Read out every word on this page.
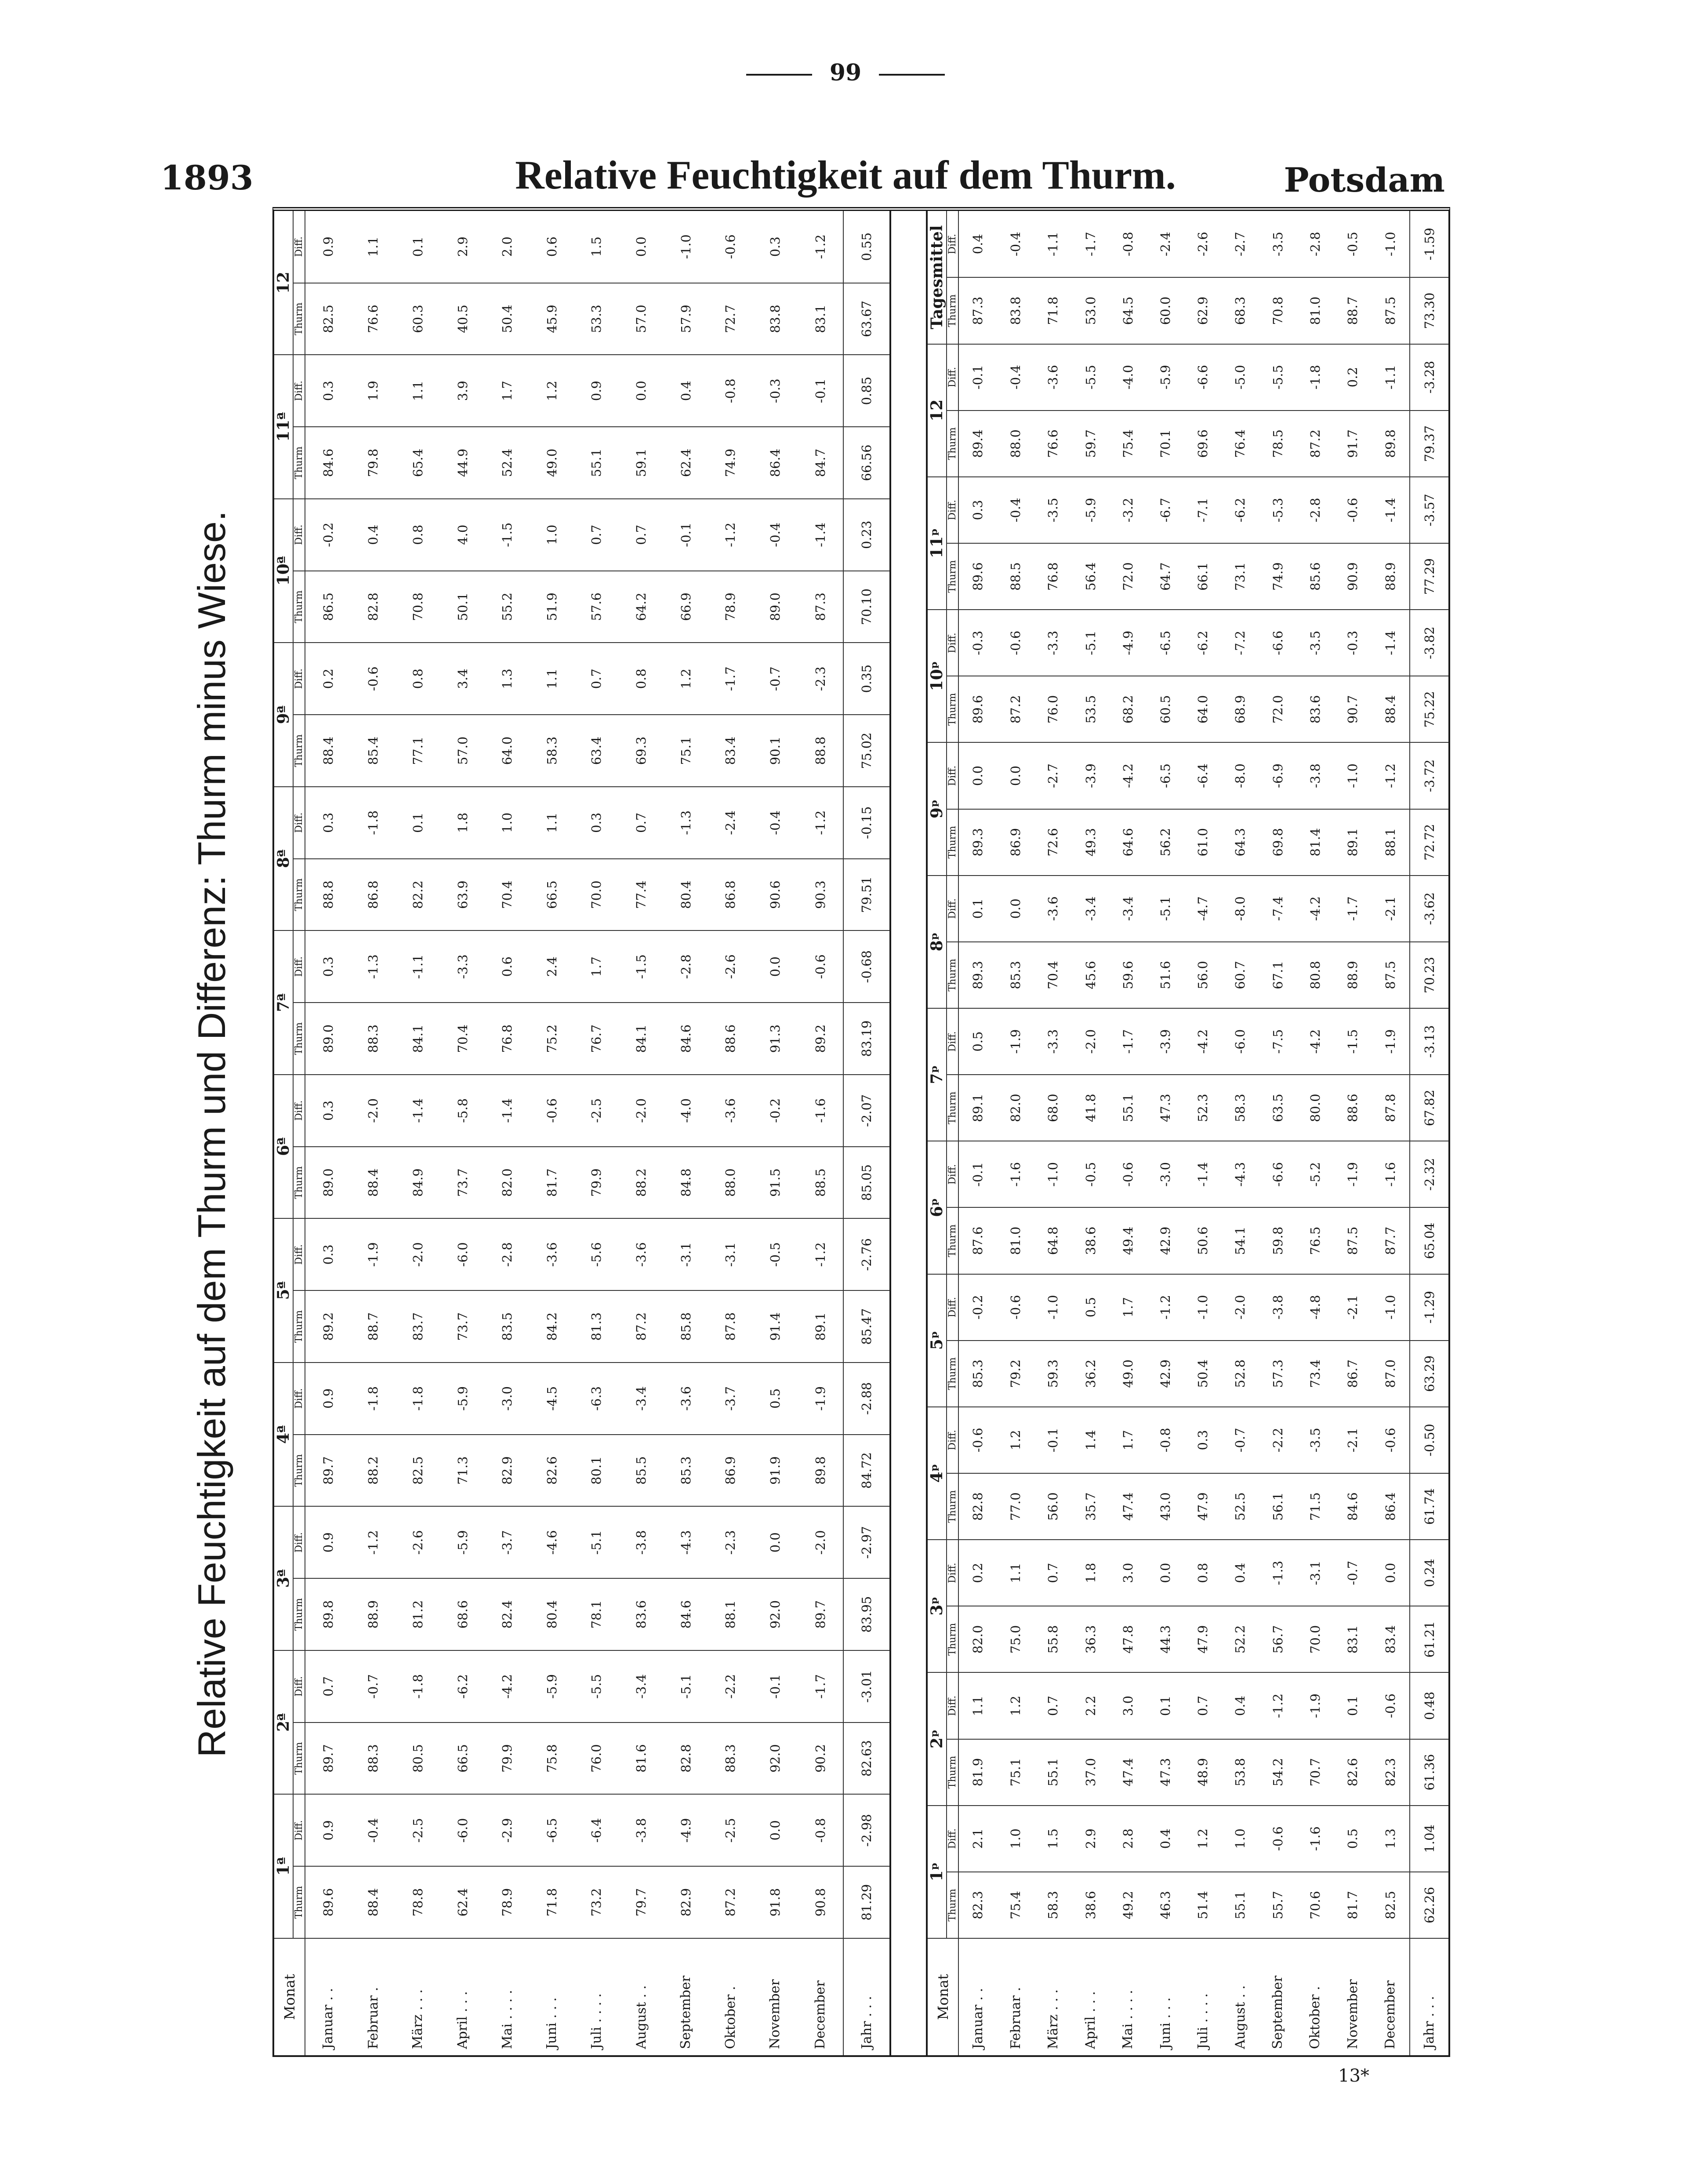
99
1893	Relative Feuchtigkeit auf dem Thurm.	Potsdam
Relative Feuchtigkeit auf dem Thurm und Differenz: Thurm minus Wiese.
Monat	1ª		2ª		3ª		4ª		5ª		6ª		7ª		8ª		9ª		10ª		11ª		12	
	Thurm	Diff.	Thurm	Diff.	Thurm	Diff.	Thurm	Diff.	Thurm	Diff.	Thurm	Diff.	Thurm	Diff.	Thurm	Diff.	Thurm	Diff.	Thurm	Diff.	Thurm	Diff.	Thurm	Diff.
Januar . .	89.6	0.9	89.7	0.7	89.8	0.9	89.7	0.9	89.2	0.3	89.0	0.3	89.0	0.3	88.8	0.3	88.4	0.2	86.5	-0.2	84.6	0.3	82.5	0.9
Februar .	88.4	-0.4	88.3	-0.7	88.9	-1.2	88.2	-1.8	88.7	-1.9	88.4	-2.0	88.3	-1.3	86.8	-1.8	85.4	-0.6	82.8	0.4	79.8	1.9	76.6	1.1
März . . .	78.8	-2.5	80.5	-1.8	81.2	-2.6	82.5	-1.8	83.7	-2.0	84.9	-1.4	84.1	-1.1	82.2	0.1	77.1	0.8	70.8	0.8	65.4	1.1	60.3	0.1
April . . .	62.4	-6.0	66.5	-6.2	68.6	-5.9	71.3	-5.9	73.7	-6.0	73.7	-5.8	70.4	-3.3	63.9	1.8	57.0	3.4	50.1	4.0	44.9	3.9	40.5	2.9
Mai . . . .	78.9	-2.9	79.9	-4.2	82.4	-3.7	82.9	-3.0	83.5	-2.8	82.0	-1.4	76.8	0.6	70.4	1.0	64.0	1.3	55.2	-1.5	52.4	1.7	50.4	2.0
Juni . . .	71.8	-6.5	75.8	-5.9	80.4	-4.6	82.6	-4.5	84.2	-3.6	81.7	-0.6	75.2	2.4	66.5	1.1	58.3	1.1	51.9	1.0	49.0	1.2	45.9	0.6
Juli . . . .	73.2	-6.4	76.0	-5.5	78.1	-5.1	80.1	-6.3	81.3	-5.6	79.9	-2.5	76.7	1.7	70.0	0.3	63.4	0.7	57.6	0.7	55.1	0.9	53.3	1.5
August . .	79.7	-3.8	81.6	-3.4	83.6	-3.8	85.5	-3.4	87.2	-3.6	88.2	-2.0	84.1	-1.5	77.4	0.7	69.3	0.8	64.2	0.7	59.1	0.0	57.0	0.0
September	82.9	-4.9	82.8	-5.1	84.6	-4.3	85.3	-3.6	85.8	-3.1	84.8	-4.0	84.6	-2.8	80.4	-1.3	75.1	1.2	66.9	-0.1	62.4	0.4	57.9	-1.0
Oktober .	87.2	-2.5	88.3	-2.2	88.1	-2.3	86.9	-3.7	87.8	-3.1	88.0	-3.6	88.6	-2.6	86.8	-2.4	83.4	-1.7	78.9	-1.2	74.9	-0.8	72.7	-0.6
November	91.8	0.0	92.0	-0.1	92.0	0.0	91.9	0.5	91.4	-0.5	91.5	-0.2	91.3	0.0	90.6	-0.4	90.1	-0.7	89.0	-0.4	86.4	-0.3	83.8	0.3
December	90.8	-0.8	90.2	-1.7	89.7	-2.0	89.8	-1.9	89.1	-1.2	88.5	-1.6	89.2	-0.6	90.3	-1.2	88.8	-2.3	87.3	-1.4	84.7	-0.1	83.1	-1.2
Jahr . . .	81.29	-2.98	82.63	-3.01	83.95	-2.97	84.72	-2.88	85.47	-2.76	85.05	-2.07	83.19	-0.68	79.51	-0.15	75.02	0.35	70.10	0.23	66.56	0.85	63.67	0.55
Monat	1ᵖ		2ᵖ		3ᵖ		4ᵖ		5ᵖ		6ᵖ		7ᵖ		8ᵖ		9ᵖ		10ᵖ		11ᵖ		12		Tagesmittel	
	Thurm	Diff.	Thurm	Diff.	Thurm	Diff.	Thurm	Diff.	Thurm	Diff.	Thurm	Diff.	Thurm	Diff.	Thurm	Diff.	Thurm	Diff.	Thurm	Diff.	Thurm	Diff.	Thurm	Diff.	Thurm	Diff.
Januar . .	82.3	2.1	81.9	1.1	82.0	0.2	82.8	-0.6	85.3	-0.2	87.6	-0.1	89.1	0.5	89.3	0.1	89.3	0.0	89.6	-0.3	89.6	0.3	89.4	-0.1	87.3	0.4
Februar .	75.4	1.0	75.1	1.2	75.0	1.1	77.0	1.2	79.2	-0.6	81.0	-1.6	82.0	-1.9	85.3	0.0	86.9	0.0	87.2	-0.6	88.5	-0.4	88.0	-0.4	83.8	-0.4
März . . .	58.3	1.5	55.1	0.7	55.8	0.7	56.0	-0.1	59.3	-1.0	64.8	-1.0	68.0	-3.3	70.4	-3.6	72.6	-2.7	76.0	-3.3	76.8	-3.5	76.6	-3.6	71.8	-1.1
April . . .	38.6	2.9	37.0	2.2	36.3	1.8	35.7	1.4	36.2	0.5	38.6	-0.5	41.8	-2.0	45.6	-3.4	49.3	-3.9	53.5	-5.1	56.4	-5.9	59.7	-5.5	53.0	-1.7
Mai . . . .	49.2	2.8	47.4	3.0	47.8	3.0	47.4	1.7	49.0	1.7	49.4	-0.6	55.1	-1.7	59.6	-3.4	64.6	-4.2	68.2	-4.9	72.0	-3.2	75.4	-4.0	64.5	-0.8
Juni . . .	46.3	0.4	47.3	0.1	44.3	0.0	43.0	-0.8	42.9	-1.2	42.9	-3.0	47.3	-3.9	51.6	-5.1	56.2	-6.5	60.5	-6.5	64.7	-6.7	70.1	-5.9	60.0	-2.4
Juli . . . .	51.4	1.2	48.9	0.7	47.9	0.8	47.9	0.3	50.4	-1.0	50.6	-1.4	52.3	-4.2	56.0	-4.7	61.0	-6.4	64.0	-6.2	66.1	-7.1	69.6	-6.6	62.9	-2.6
August . .	55.1	1.0	53.8	0.4	52.2	0.4	52.5	-0.7	52.8	-2.0	54.1	-4.3	58.3	-6.0	60.7	-8.0	64.3	-8.0	68.9	-7.2	73.1	-6.2	76.4	-5.0	68.3	-2.7
September	55.7	-0.6	54.2	-1.2	56.7	-1.3	56.1	-2.2	57.3	-3.8	59.8	-6.6	63.5	-7.5	67.1	-7.4	69.8	-6.9	72.0	-6.6	74.9	-5.3	78.5	-5.5	70.8	-3.5
Oktober .	70.6	-1.6	70.7	-1.9	70.0	-3.1	71.5	-3.5	73.4	-4.8	76.5	-5.2	80.0	-4.2	80.8	-4.2	81.4	-3.8	83.6	-3.5	85.6	-2.8	87.2	-1.8	81.0	-2.8
November	81.7	0.5	82.6	0.1	83.1	-0.7	84.6	-2.1	86.7	-2.1	87.5	-1.9	88.6	-1.5	88.9	-1.7	89.1	-1.0	90.7	-0.3	90.9	-0.6	91.7	0.2	88.7	-0.5
December	82.5	1.3	82.3	-0.6	83.4	0.0	86.4	-0.6	87.0	-1.0	87.7	-1.6	87.8	-1.9	87.5	-2.1	88.1	-1.2	88.4	-1.4	88.9	-1.4	89.8	-1.1	87.5	-1.0
Jahr . . .	62.26	1.04	61.36	0.48	61.21	0.24	61.74	-0.50	63.29	-1.29	65.04	-2.32	67.82	-3.13	70.23	-3.62	72.72	-3.72	75.22	-3.82	77.29	-3.57	79.37	-3.28	73.30	-1.59
13*
